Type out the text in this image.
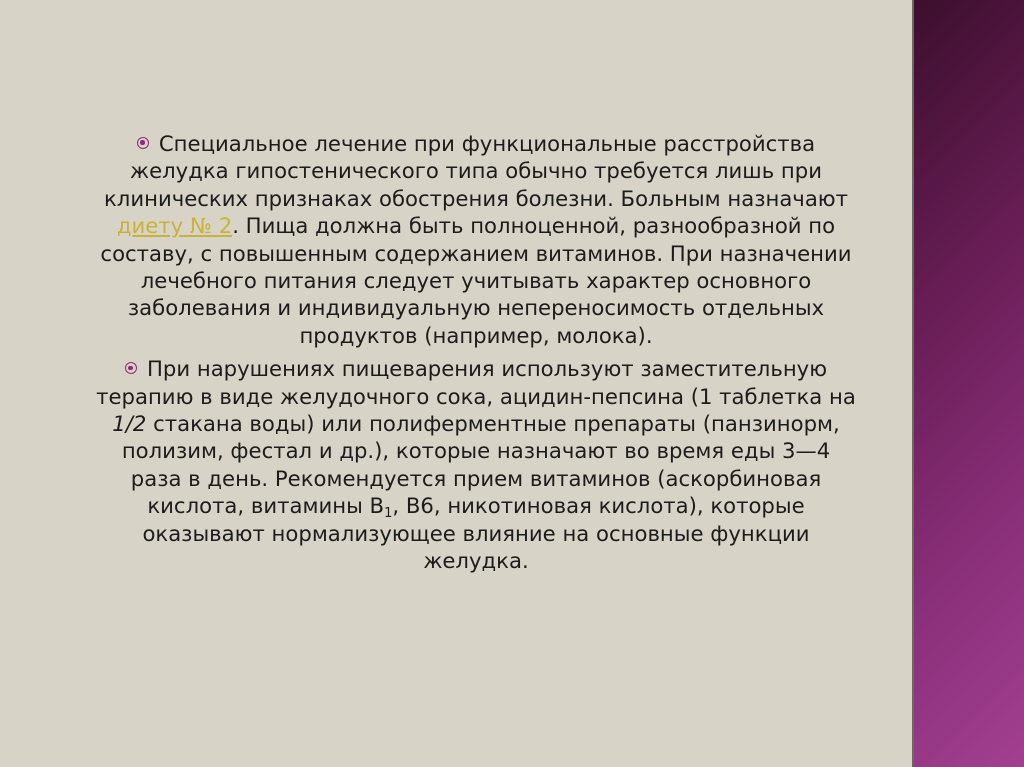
Специальное лечение при функциональные расстройства желудка гипостенического типа обычно требуется лишь при клинических признаках обострения болезни. Больным назначают диету № 2. Пища должна быть полноценной, разнообразной по составу, с повышенным содержанием витаминов. При назначении лечебного питания следует учитывать характер основного заболевания и индивидуальную непереносимость отдельных продуктов (например, молока).

При нарушениях пищеварения используют заместительную терапию в виде желудочного сока, ацидин-пепсина (1 таблетка на 1/2 стакана воды) или полиферментные препараты (панзинорм, полизим, фестал и др.), которые назначают во время еды 3—4 раза в день. Рекомендуется прием витаминов (аскорбиновая кислота, витамины $В_1$, В6, никотиновая кислота), которые оказывают нормализующее влияние на основные функции желудка.
